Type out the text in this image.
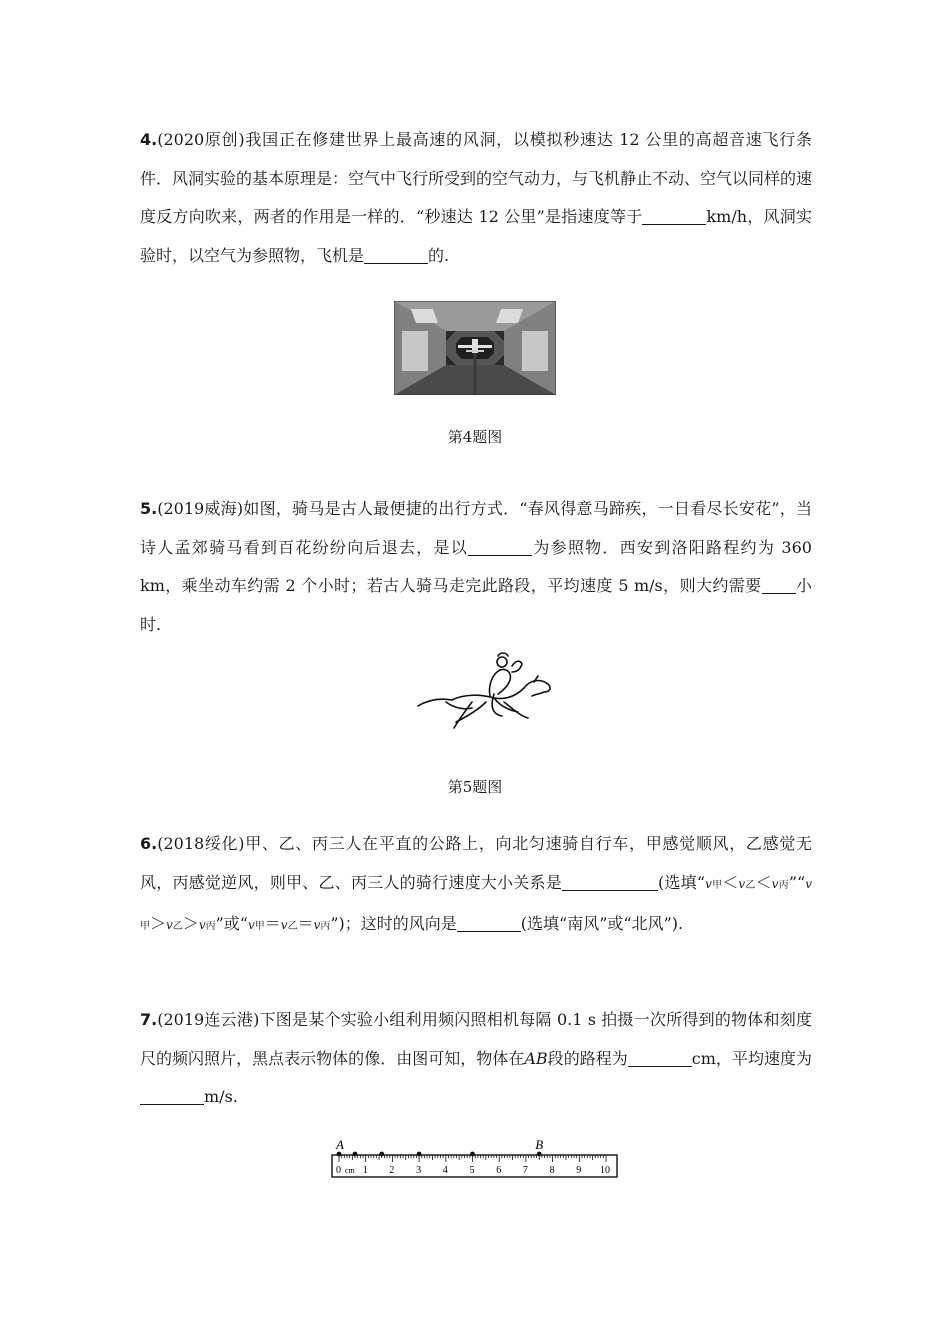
4.(2020原创)我国正在修建世界上最高速的风洞，以模拟秒速达 12 公里的高超音速飞行条件．风洞实验的基本原理是：空气中飞行所受到的空气动力，与飞机静止不动、空气以同样的速度反方向吹来，两者的作用是一样的．“秒速达 12 公里”是指速度等于	km/h，风洞实验时，以空气为参照物，飞机是	的.

第4题图

5.(2019威海)如图，骑马是古人最便捷的出行方式．“春风得意马蹄疾，一日看尽长安花”，当诗人孟郊骑马看到百花纷纷向后退去，是以	为参照物．西安到洛阳路程约为 360 km，乘坐动车约需 2 个小时；若古人骑马走完此路段，平均速度 5 m/s，则大约需要 小时.

第5题图

6.(2018绥化)甲、乙、丙三人在平直的公路上，向北匀速骑自行车，甲感觉顺风，乙感觉无风，丙感觉逆风，则甲、乙、丙三人的骑行速度大小关系是	(选填“v甲＜v乙＜v丙”“v甲＞v乙＞v丙”或“v甲＝v乙＝v丙”)；这时的风向是	(选填“南风”或“北风”).

7.(2019连云港)下图是某个实验小组利用频闪照相机每隔 0.1 s 拍摄一次所得到的物体和刻度尺的频闪照片，黑点表示物体的像．由图可知，物体在AB段的路程为	cm，平均速度为m/s.

A	B
0 1 2 3 4 5 6 7 8 9 10
cm
